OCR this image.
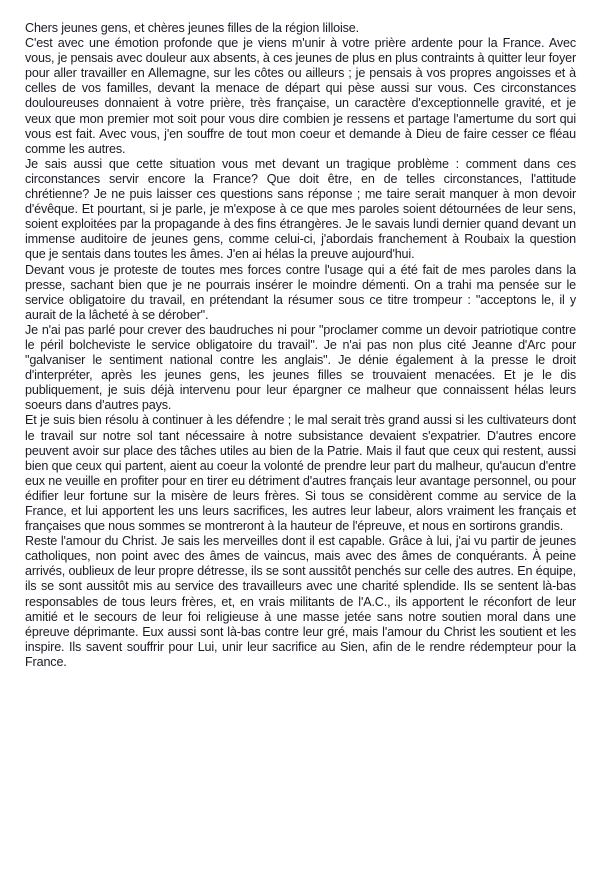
Chers jeunes gens, et chères jeunes filles de la région lilloise.

C'est avec une émotion profonde que je viens m'unir à votre prière ardente pour la France. Avec vous, je pensais avec douleur aux absents, à ces jeunes de plus en plus contraints à quitter leur foyer pour aller travailler en Allemagne, sur les côtes ou ailleurs ; je pensais à vos propres angoisses et à celles de vos familles, devant la menace de départ qui pèse aussi sur vous. Ces circonstances douloureuses donnaient à votre prière, très française, un caractère d'exceptionnelle gravité, et je veux que mon premier mot soit pour vous dire combien je ressens et partage l'amertume du sort qui vous est fait. Avec vous, j'en souffre de tout mon coeur et demande à Dieu de faire cesser ce fléau comme les autres.

Je sais aussi que cette situation vous met devant un tragique problème : comment dans ces circonstances servir encore la France? Que doit être, en de telles circonstances, l'attitude chrétienne? Je ne puis laisser ces questions sans réponse ; me taire serait manquer à mon devoir d'évêque. Et pourtant, si je parle, je m'expose à ce que mes paroles soient détournées de leur sens, soient exploitées par la propagande à des fins étrangères. Je le savais lundi dernier quand devant un immense auditoire de jeunes gens, comme celui-ci, j'abordais franchement à Roubaix la question que je sentais dans toutes les âmes. J'en ai hélas la preuve aujourd'hui.

Devant vous je proteste de toutes mes forces contre l'usage qui a été fait de mes paroles dans la presse, sachant bien que je ne pourrais insérer le moindre démenti. On a trahi ma pensée sur le service obligatoire du travail, en prétendant la résumer sous ce titre trompeur : "acceptons le, il y aurait de la lâcheté à se dérober".

Je n'ai pas parlé pour crever des baudruches ni pour "proclamer comme un devoir patriotique contre le péril bolcheviste le service obligatoire du travail". Je n'ai pas non plus cité Jeanne d'Arc pour "galvaniser le sentiment national contre les anglais". Je dénie également à la presse le droit d'interpréter, après les jeunes gens, les jeunes filles se trouvaient menacées. Et je le dis publiquement, je suis déjà intervenu pour leur épargner ce malheur que connaissent hélas leurs soeurs dans d'autres pays.

Et je suis bien résolu à continuer à les défendre ; le mal serait très grand aussi si les cultivateurs dont le travail sur notre sol tant nécessaire à notre subsistance devaient s'expatrier. D'autres encore peuvent avoir sur place des tâches utiles au bien de la Patrie. Mais il faut que ceux qui restent, aussi bien que ceux qui partent, aient au coeur la volonté de prendre leur part du malheur, qu'aucun d'entre eux ne veuille en profiter pour en tirer eu détriment d'autres français leur avantage personnel, ou pour édifier leur fortune sur la misère de leurs frères. Si tous se considèrent comme au service de la France, et lui apportent les uns leurs sacrifices, les autres leur labeur, alors vraiment les français et françaises que nous sommes se montreront à la hauteur de l'épreuve, et nous en sortirons grandis.

Reste l'amour du Christ. Je sais les merveilles dont il est capable. Grâce à lui, j'ai vu partir de jeunes catholiques, non point avec des âmes de vaincus, mais avec des âmes de conquérants. À peine arrivés, oublieux de leur propre détresse, ils se sont aussitôt penchés sur celle des autres. En équipe, ils se sont aussitôt mis au service des travailleurs avec une charité splendide. Ils se sentent là-bas responsables de tous leurs frères, et, en vrais militants de l'A.C., ils apportent le réconfort de leur amitié et le secours de leur foi religieuse à une masse jetée sans notre soutien moral dans une épreuve déprimante. Eux aussi sont là-bas contre leur gré, mais l'amour du Christ les soutient et les inspire. Ils savent souffrir pour Lui, unir leur sacrifice au Sien, afin de le rendre rédempteur pour la France.
